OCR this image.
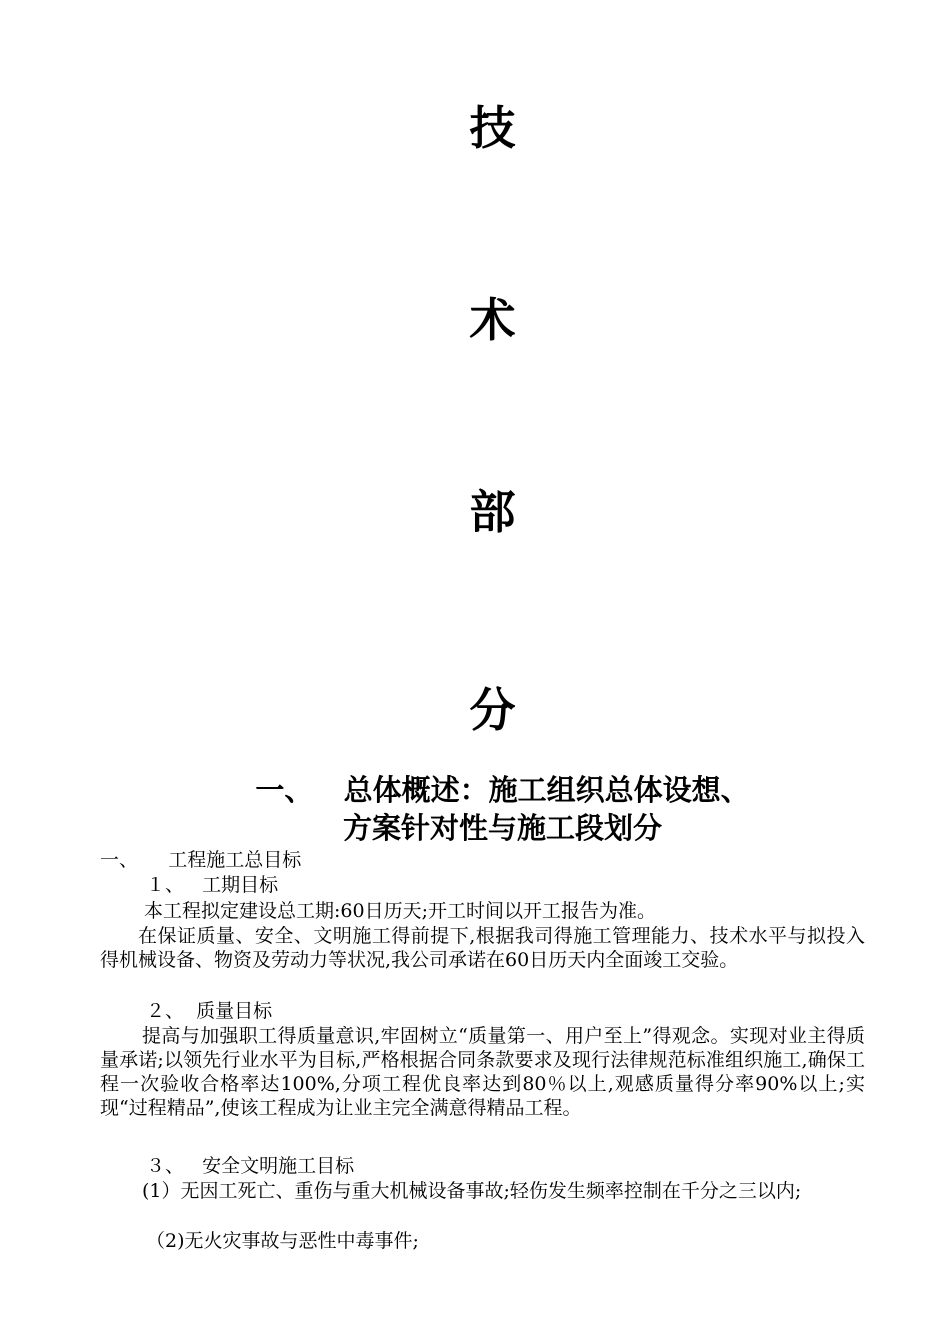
技
术
部
分
一、   总体概述：施工组织总体设想、
方案针对性与施工段划分
一、     工程施工总目标
１、   工期目标
本工程拟定建设总工期:60日历天;开工时间以开工报告为准。
在保证质量、安全、文明施工得前提下,根据我司得施工管理能力、技术水平与拟投入得机械设备、物资及劳动力等状况,我公司承诺在60日历天内全面竣工交验。
２、  质量目标
提高与加强职工得质量意识,牢固树立“质量第一、用户至上”得观念。实现对业主得质量承诺;以领先行业水平为目标,严格根据合同条款要求及现行法律规范标准组织施工,确保工程一次验收合格率达100%,分项工程优良率达到80％以上,观感质量得分率90%以上;实现“过程精品”,使该工程成为让业主完全满意得精品工程。
３、   安全文明施工目标
(1）无因工死亡、重伤与重大机械设备事故;轻伤发生频率控制在千分之三以内;
（2)无火灾事故与恶性中毒事件;
